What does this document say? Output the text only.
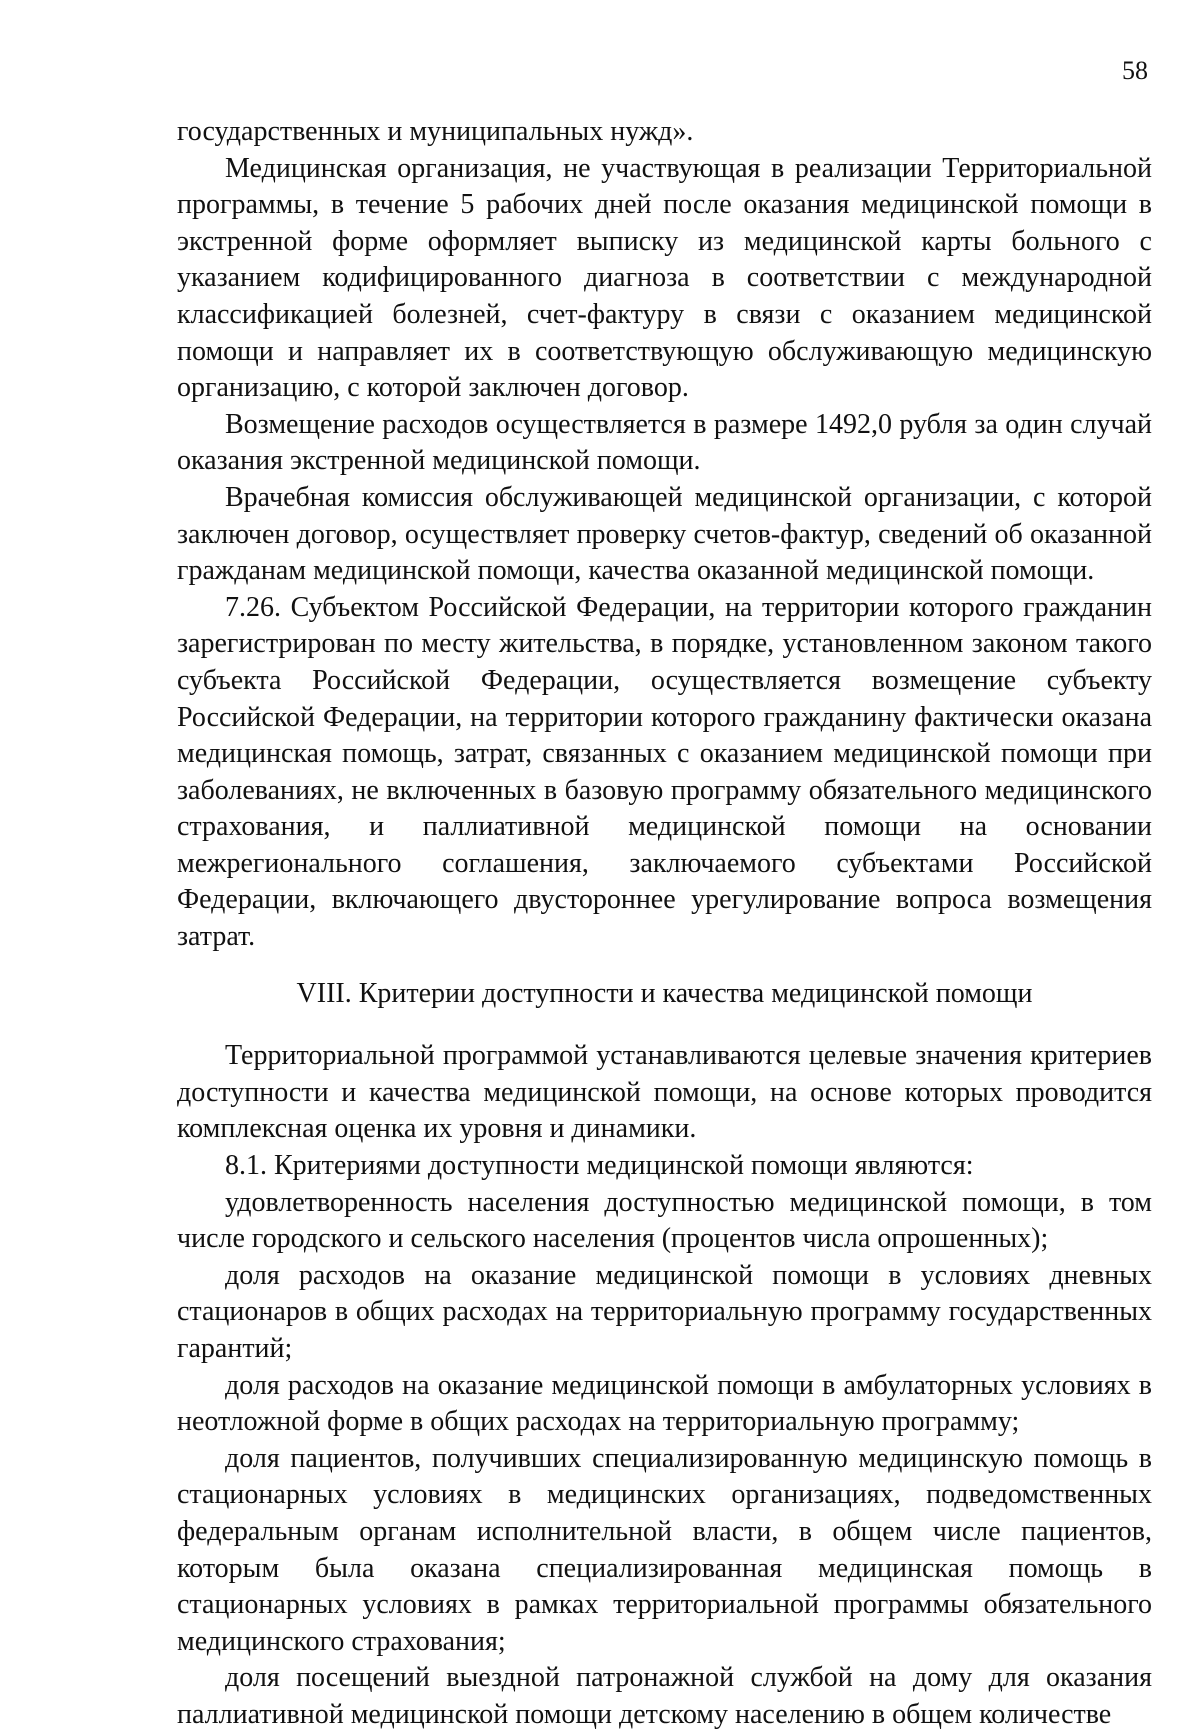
58

государственных и муниципальных нужд».

Медицинская организация, не участвующая в реализации Территориальной программы, в течение 5 рабочих дней после оказания медицинской помощи в экстренной форме оформляет выписку из медицинской карты больного с указанием кодифицированного диагноза в соответствии с международной классификацией болезней, счет-фактуру в связи с оказанием медицинской помощи и направляет их в соответствующую обслуживающую медицинскую организацию, с которой заключен договор.

Возмещение расходов осуществляется в размере 1492,0 рубля за один случай оказания экстренной медицинской помощи.

Врачебная комиссия обслуживающей медицинской организации, с которой заключен договор, осуществляет проверку счетов-фактур, сведений об оказанной гражданам медицинской помощи, качества оказанной медицинской помощи.

7.26. Субъектом Российской Федерации, на территории которого гражданин зарегистрирован по месту жительства, в порядке, установленном законом такого субъекта Российской Федерации, осуществляется возмещение субъекту Российской Федерации, на территории которого гражданину фактически оказана медицинская помощь, затрат, связанных с оказанием медицинской помощи при заболеваниях, не включенных в базовую программу обязательного медицинского страхования, и паллиативной медицинской помощи на основании межрегионального соглашения, заключаемого субъектами Российской Федерации, включающего двустороннее урегулирование вопроса возмещения затрат.

VIII. Критерии доступности и качества медицинской помощи

Территориальной программой устанавливаются целевые значения критериев доступности и качества медицинской помощи, на основе которых проводится комплексная оценка их уровня и динамики.

8.1. Критериями доступности медицинской помощи являются:

удовлетворенность населения доступностью медицинской помощи, в том числе городского и сельского населения (процентов числа опрошенных);

доля расходов на оказание медицинской помощи в условиях дневных стационаров в общих расходах на территориальную программу государственных гарантий;

доля расходов на оказание медицинской помощи в амбулаторных условиях в неотложной форме в общих расходах на территориальную программу;

доля пациентов, получивших специализированную медицинскую помощь в стационарных условиях в медицинских организациях, подведомственных федеральным органам исполнительной власти, в общем числе пациентов, которым была оказана специализированная медицинская помощь в стационарных условиях в рамках территориальной программы обязательного медицинского страхования;

доля посещений выездной патронажной службой на дому для оказания паллиативной медицинской помощи детскому населению в общем количестве
